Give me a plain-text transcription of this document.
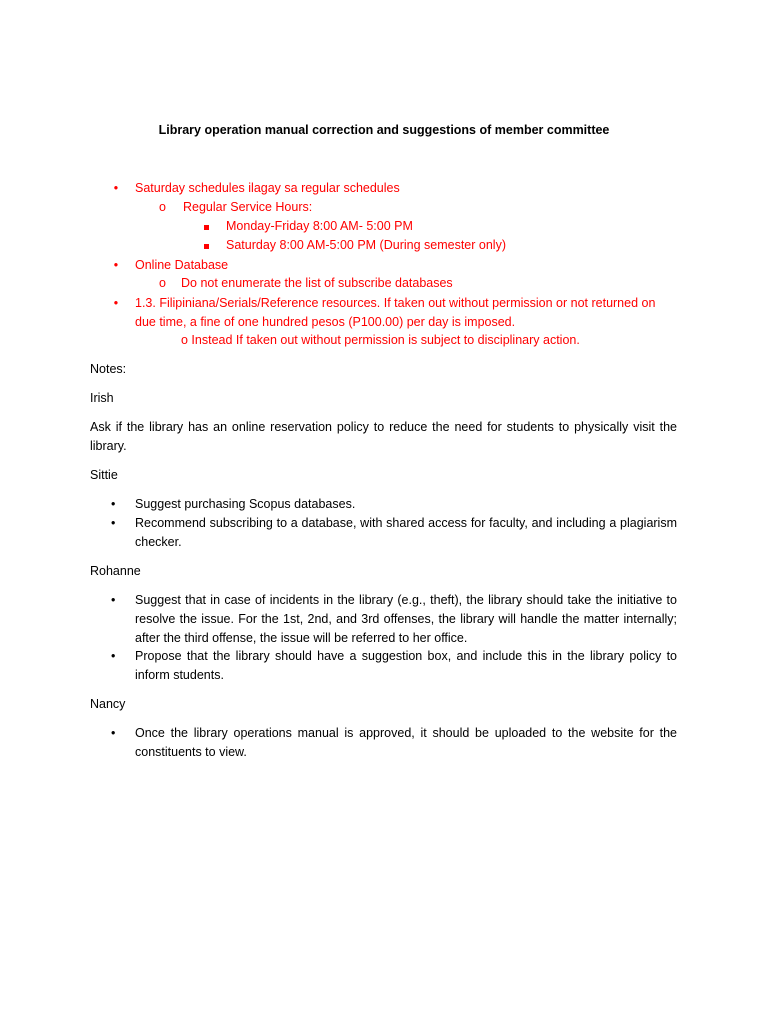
Library operation manual correction and suggestions of member committee
• Saturday schedules ilagay sa regular schedules
o Regular Service Hours:
Monday-Friday 8:00 AM- 5:00 PM
Saturday 8:00 AM-5:00 PM (During semester only)
• Online Database
o Do not enumerate the list of subscribe databases
• 1.3. Filipiniana/Serials/Reference resources. If taken out without permission or not returned on
due time, a fine of one hundred pesos (P100.00) per day is imposed.
o Instead If taken out without permission is subject to disciplinary action.
Notes:
Irish
Ask if the library has an online reservation policy to reduce the need for students to physically visit the library.
Sittie
• Suggest purchasing Scopus databases.
• Recommend subscribing to a database, with shared access for faculty, and including a plagiarism checker.
Rohanne
• Suggest that in case of incidents in the library (e.g., theft), the library should take the initiative to resolve the issue. For the 1st, 2nd, and 3rd offenses, the library will handle the matter internally; after the third offense, the issue will be referred to her office.
• Propose that the library should have a suggestion box, and include this in the library policy to inform students.
Nancy
• Once the library operations manual is approved, it should be uploaded to the website for the constituents to view.
